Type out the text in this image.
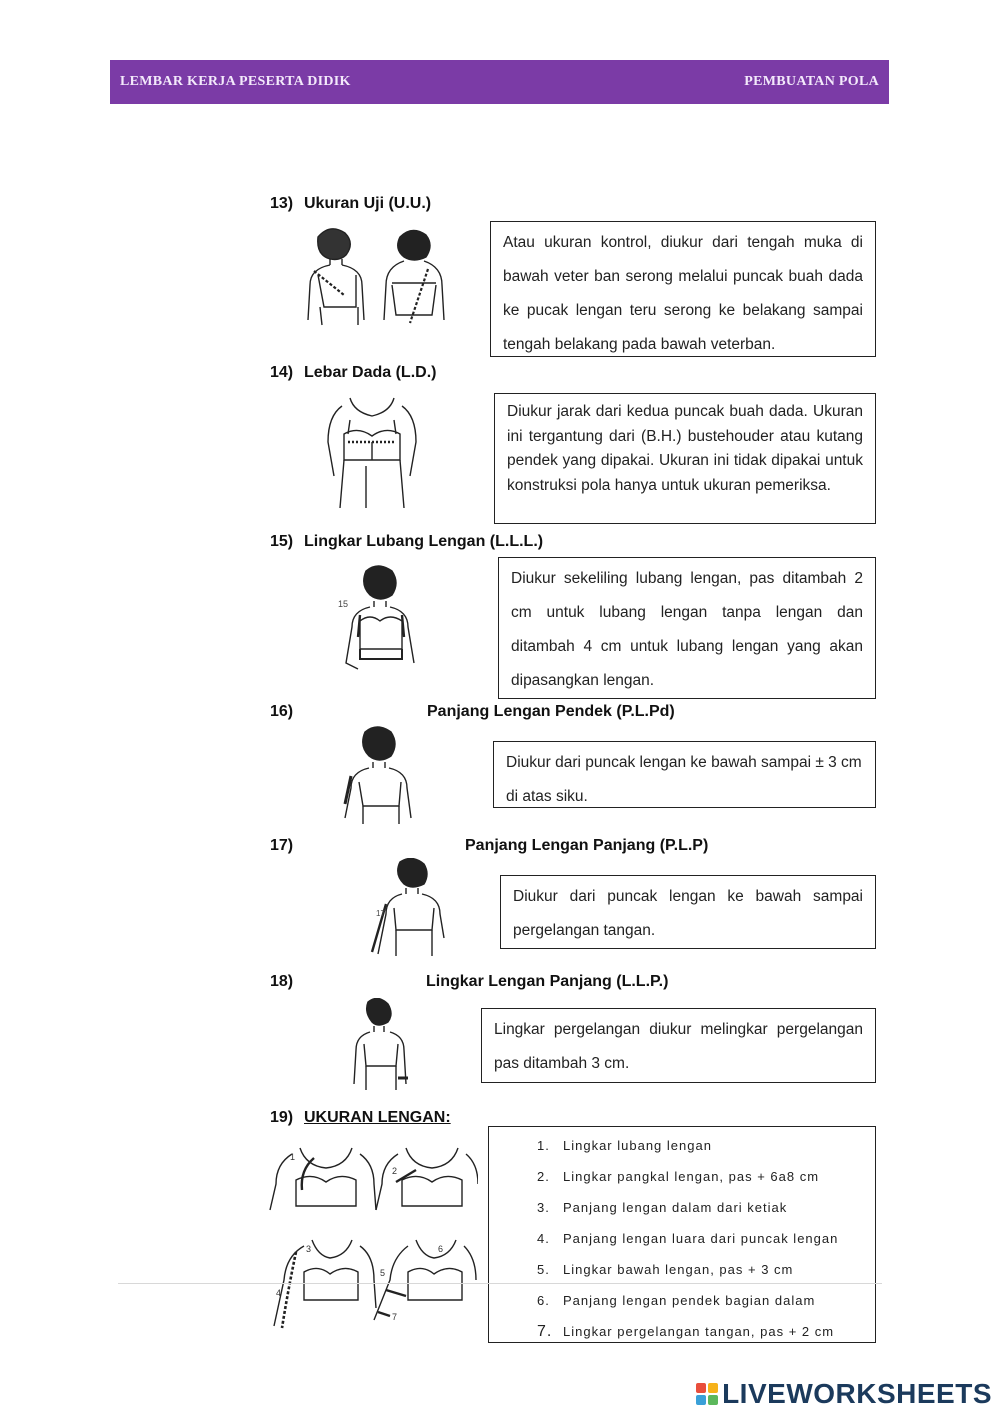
LEMBAR KERJA PESERTA DIDIK	PEMBUATAN POLA
13) Ukuran Uji (U.U.)

Atau ukuran kontrol, diukur dari tengah muka di bawah veter ban serong melalui puncak buah dada ke pucak lengan teru serong ke belakang sampai tengah belakang pada bawah veterban.

14) Lebar Dada (L.D.)

Diukur jarak dari kedua puncak buah dada. Ukuran ini tergantung dari (B.H.) bustehouder atau kutang pendek yang dipakai. Ukuran ini tidak dipakai untuk konstruksi pola hanya untuk ukuran pemeriksa.

15) Lingkar Lubang Lengan (L.L.L.)
15

Diukur sekeliling lubang lengan, pas ditambah 2 cm untuk lubang lengan tanpa lengan dan ditambah 4 cm untuk lubang lengan yang akan dipasangkan lengan.

16)	Panjang Lengan Pendek (P.L.Pd)

Diukur dari puncak lengan ke bawah sampai ± 3 cm di atas siku.

17)	Panjang Lengan Panjang (P.L.P)
17

Diukur dari puncak lengan ke bawah sampai pergelangan tangan.

18)	Lingkar Lengan Panjang (L.L.P.)

Lingkar pergelangan diukur melingkar pergelangan pas ditambah 3 cm.

19) UKURAN LENGAN:
1
2
3
4
5
6
7
1. Lingkar lubang lengan
2. Lingkar pangkal lengan, pas + 6a8 cm
3. Panjang lengan dalam dari ketiak
4. Panjang lengan luara dari puncak lengan
5. Lingkar bawah lengan, pas + 3 cm
6. Panjang lengan pendek bagian dalam
7. Lingkar pergelangan tangan, pas + 2 cm
LIVEWORKSHEETS
